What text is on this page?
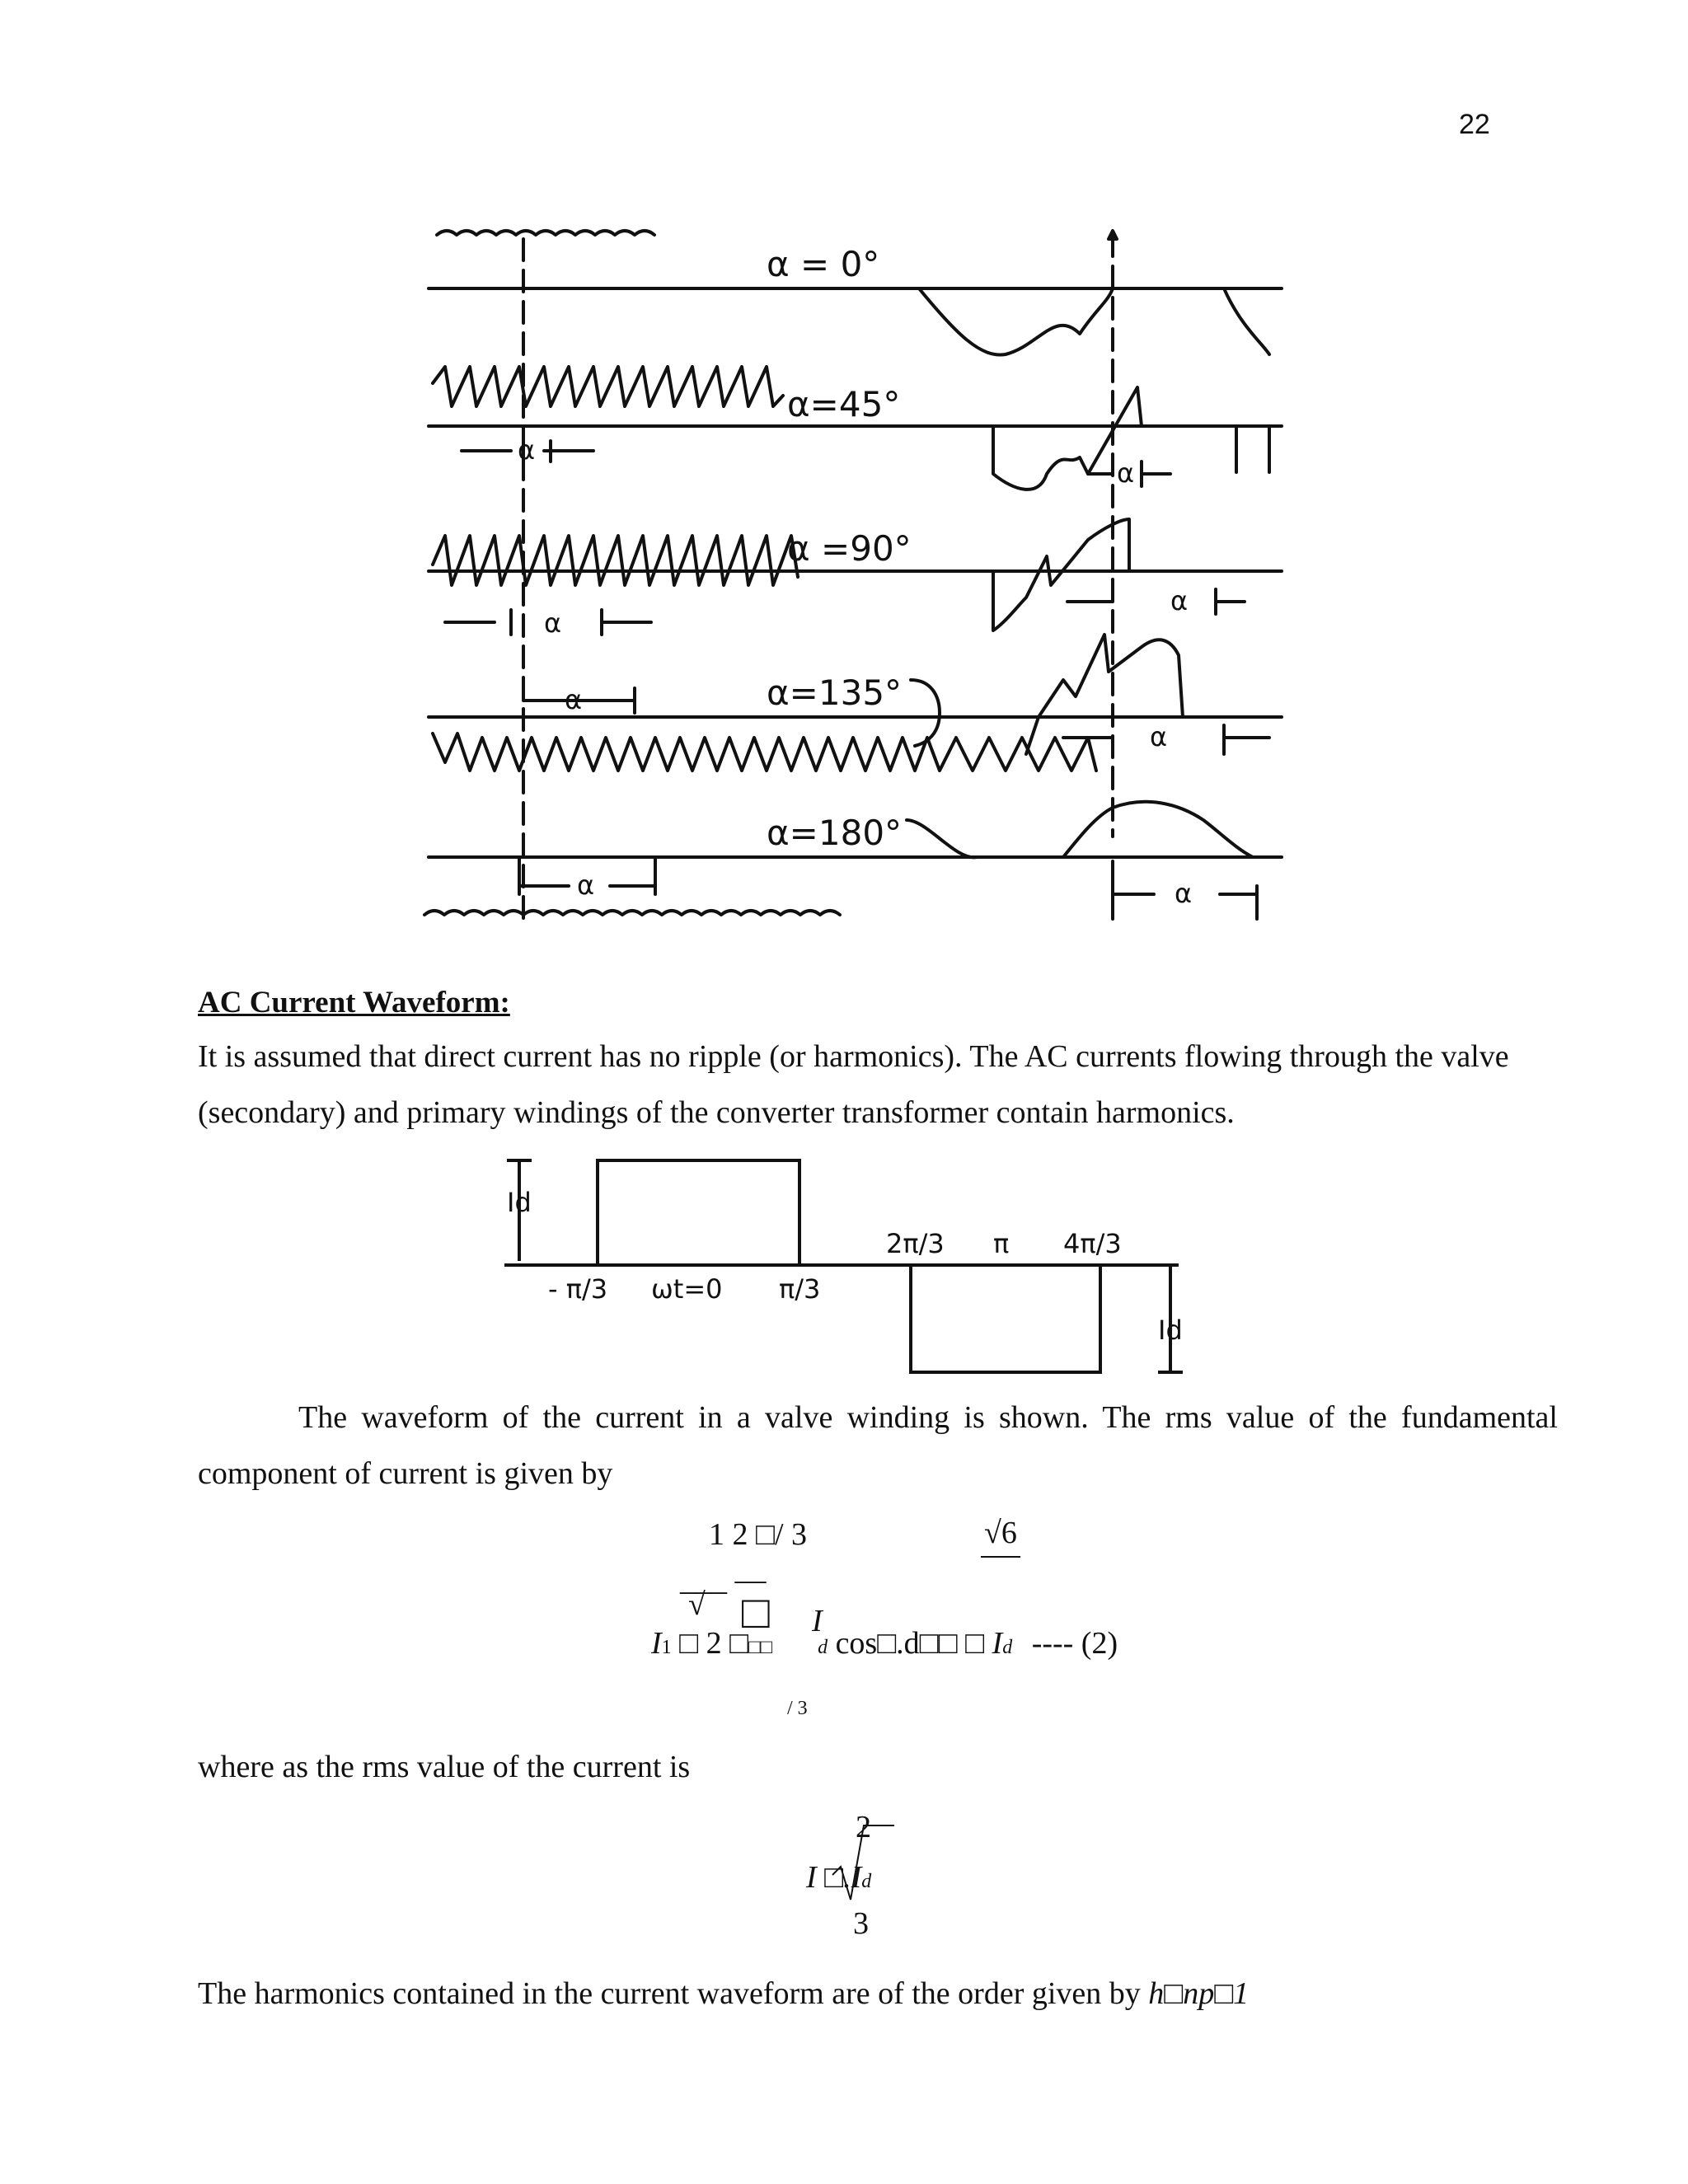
22
α = 0°
α=45°
α =90°
α=135°
α=180°
α
α
α
α
α
α
α	α
AC Current Waveform:
It is assumed that direct current has no ripple (or harmonics). The AC currents flowing through the valve (secondary) and primary windings of the converter transformer contain harmonics.
Id
Id
- π/3 ωt=0 π/3
2π/3 π 4π/3
The waveform of the current in a valve winding is shown. The rms value of the fundamental component of current is given by
1 2 □/ 3	√6
___ —
√ □ I
I1 □ 2 □□□ d cos□.d□□ □ Id ---- (2)
/ 3
where as the rms value of the current is
2
I □.Id
3
The harmonics contained in the current waveform are of the order given by h□np□1
